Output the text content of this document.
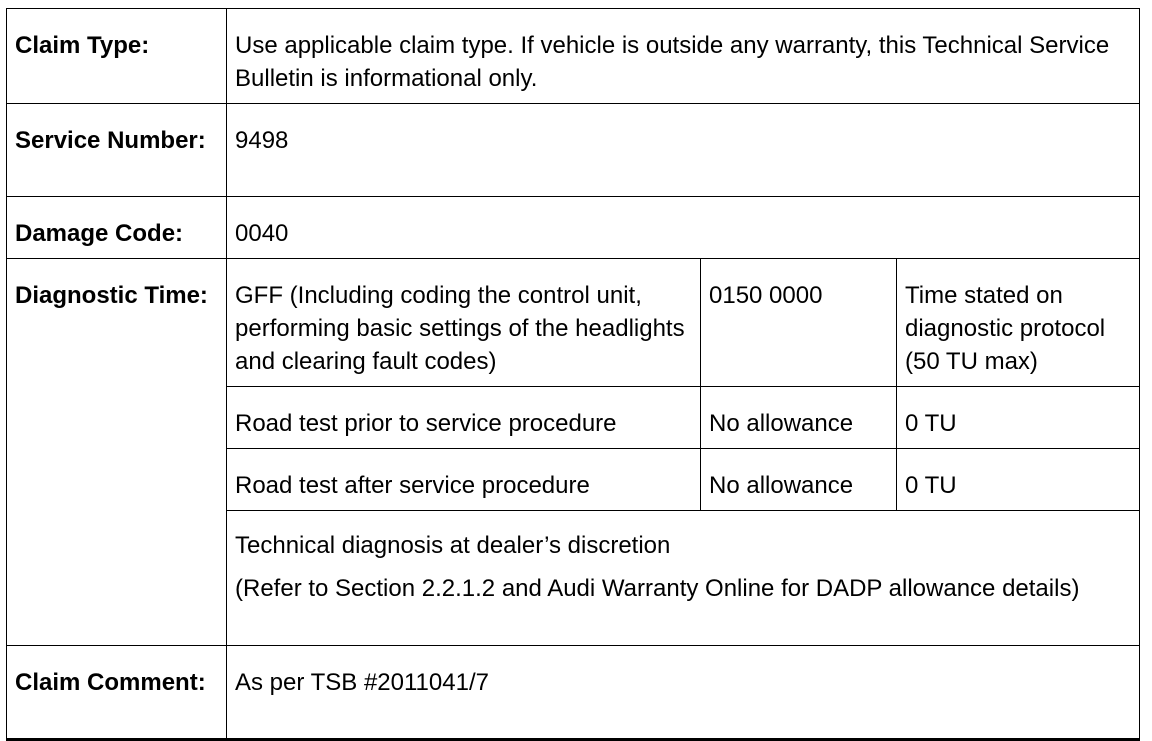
Claim Type:	Use applicable claim type. If vehicle is outside any warranty, this Technical Service Bulletin is informational only.		
Service Number:	9498		
Damage Code:	0040		
Diagnostic Time:	GFF (Including coding the control unit, performing basic settings of the headlights and clearing fault codes)	0150 0000	Time stated on diagnostic protocol (50 TU max)
	Road test prior to service procedure	No allowance	0 TU
	Road test after service procedure	No allowance	0 TU

	Technical diagnosis at dealer’s discretion
(Refer to Section 2.2.1.2 and Audi Warranty Online for DADP allowance details)		

Claim Comment:	As per TSB #2011041/7		
